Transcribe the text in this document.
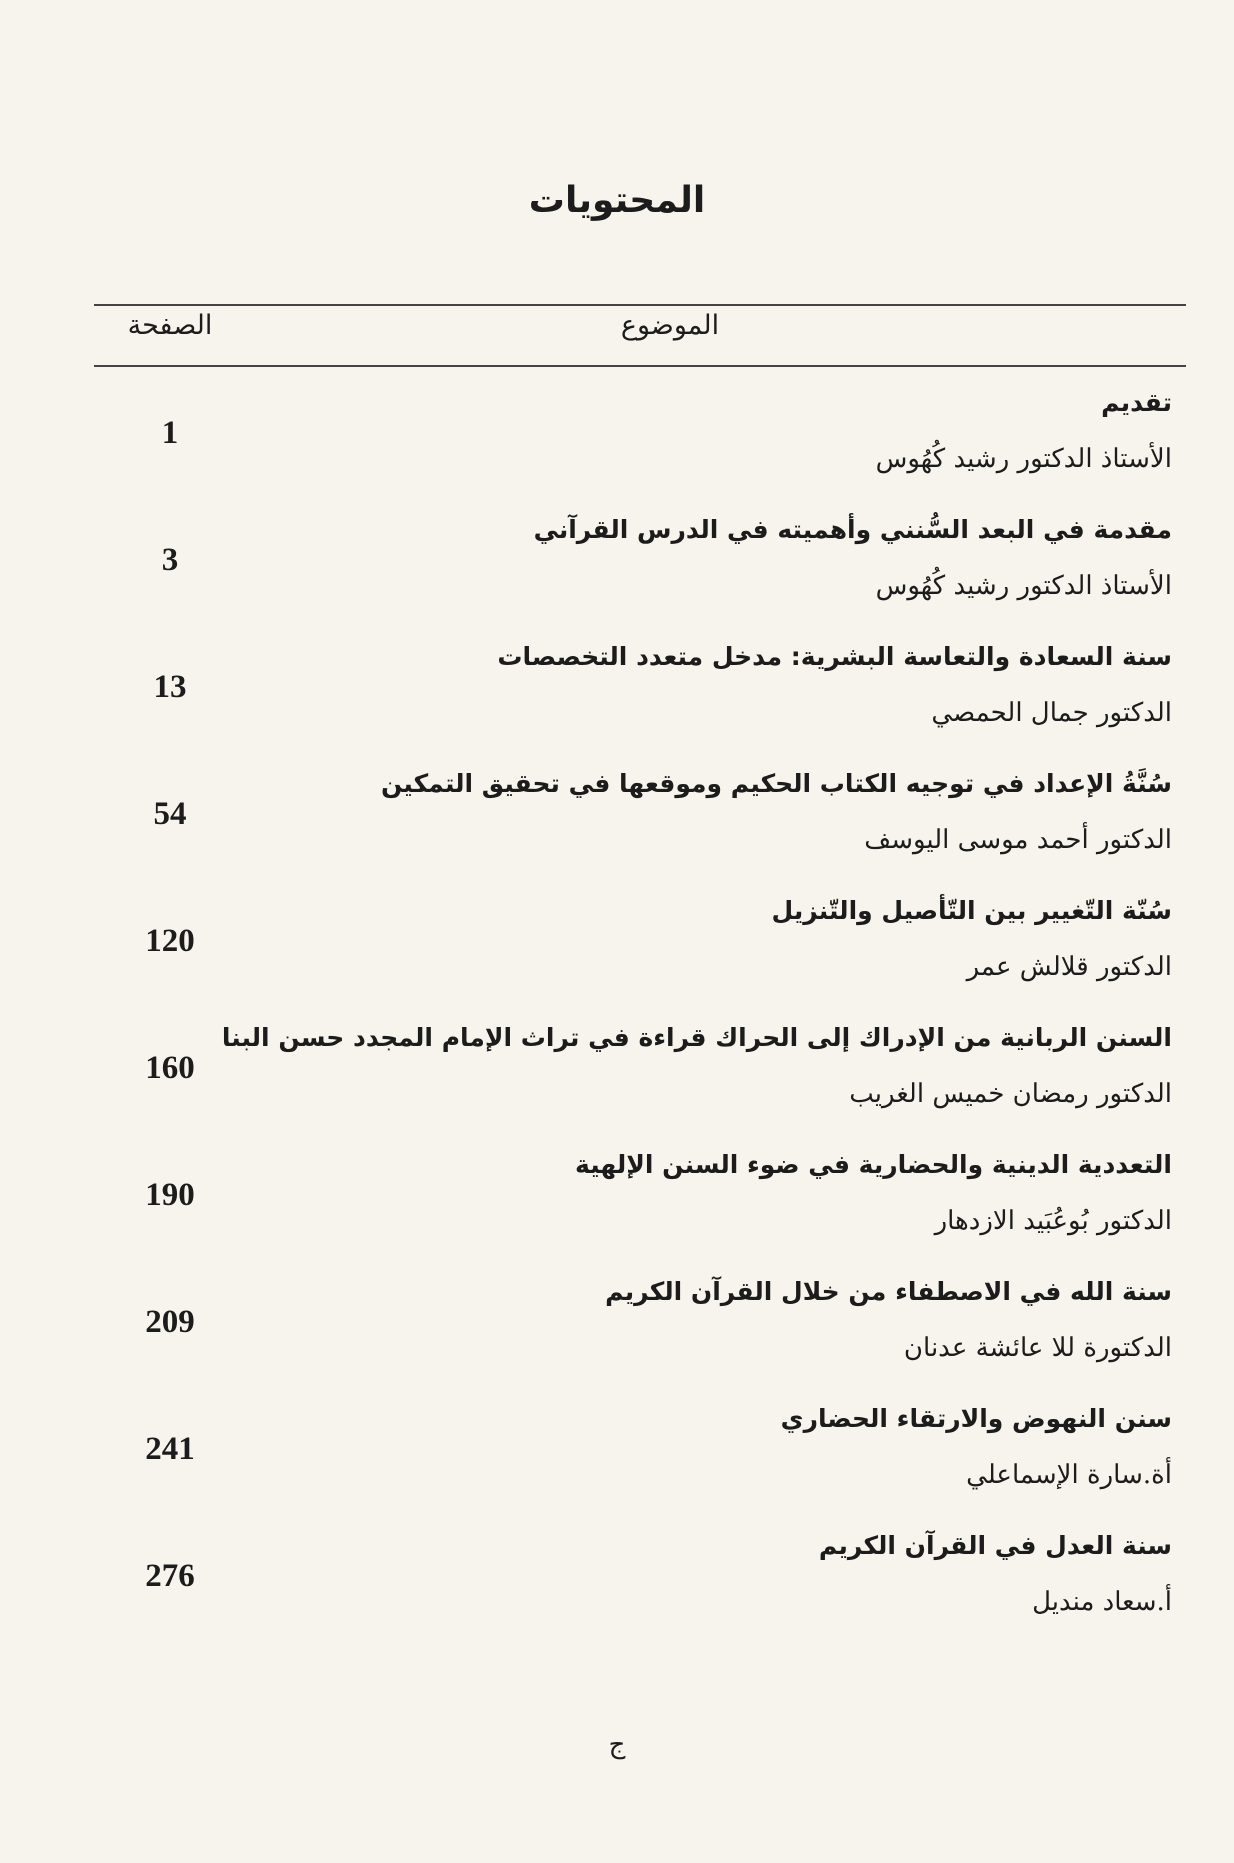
المحتويات
الموضوع
الصفحة
تقديم
الأستاذ الدكتور رشيد كُهُوس
1
مقدمة في البعد السُّنني وأهميته في الدرس القرآني
الأستاذ الدكتور رشيد كُهُوس
3
سنة السعادة والتعاسة البشرية: مدخل متعدد التخصصات
الدكتور جمال الحمصي
13
سُنَّةُ الإعداد في توجيه الكتاب الحكيم وموقعها في تحقيق التمكين
الدكتور أحمد موسى اليوسف
54
سُنّة التّغيير بين التّأصيل والتّنزيل
الدكتور قلالش عمر
120
السنن الربانية من الإدراك إلى الحراك قراءة في تراث الإمام المجدد حسن البنا
الدكتور رمضان خميس الغريب
160
التعددية الدينية والحضارية في ضوء السنن الإلهية
الدكتور بُوعُبَيد الازدهار
190
سنة الله في الاصطفاء من خلال القرآن الكريم
الدكتورة للا عائشة عدنان
209
سنن النهوض والارتقاء الحضاري
أة.سارة الإسماعلي
241
سنة العدل في القرآن الكريم
أ.سعاد منديل
276
ج
